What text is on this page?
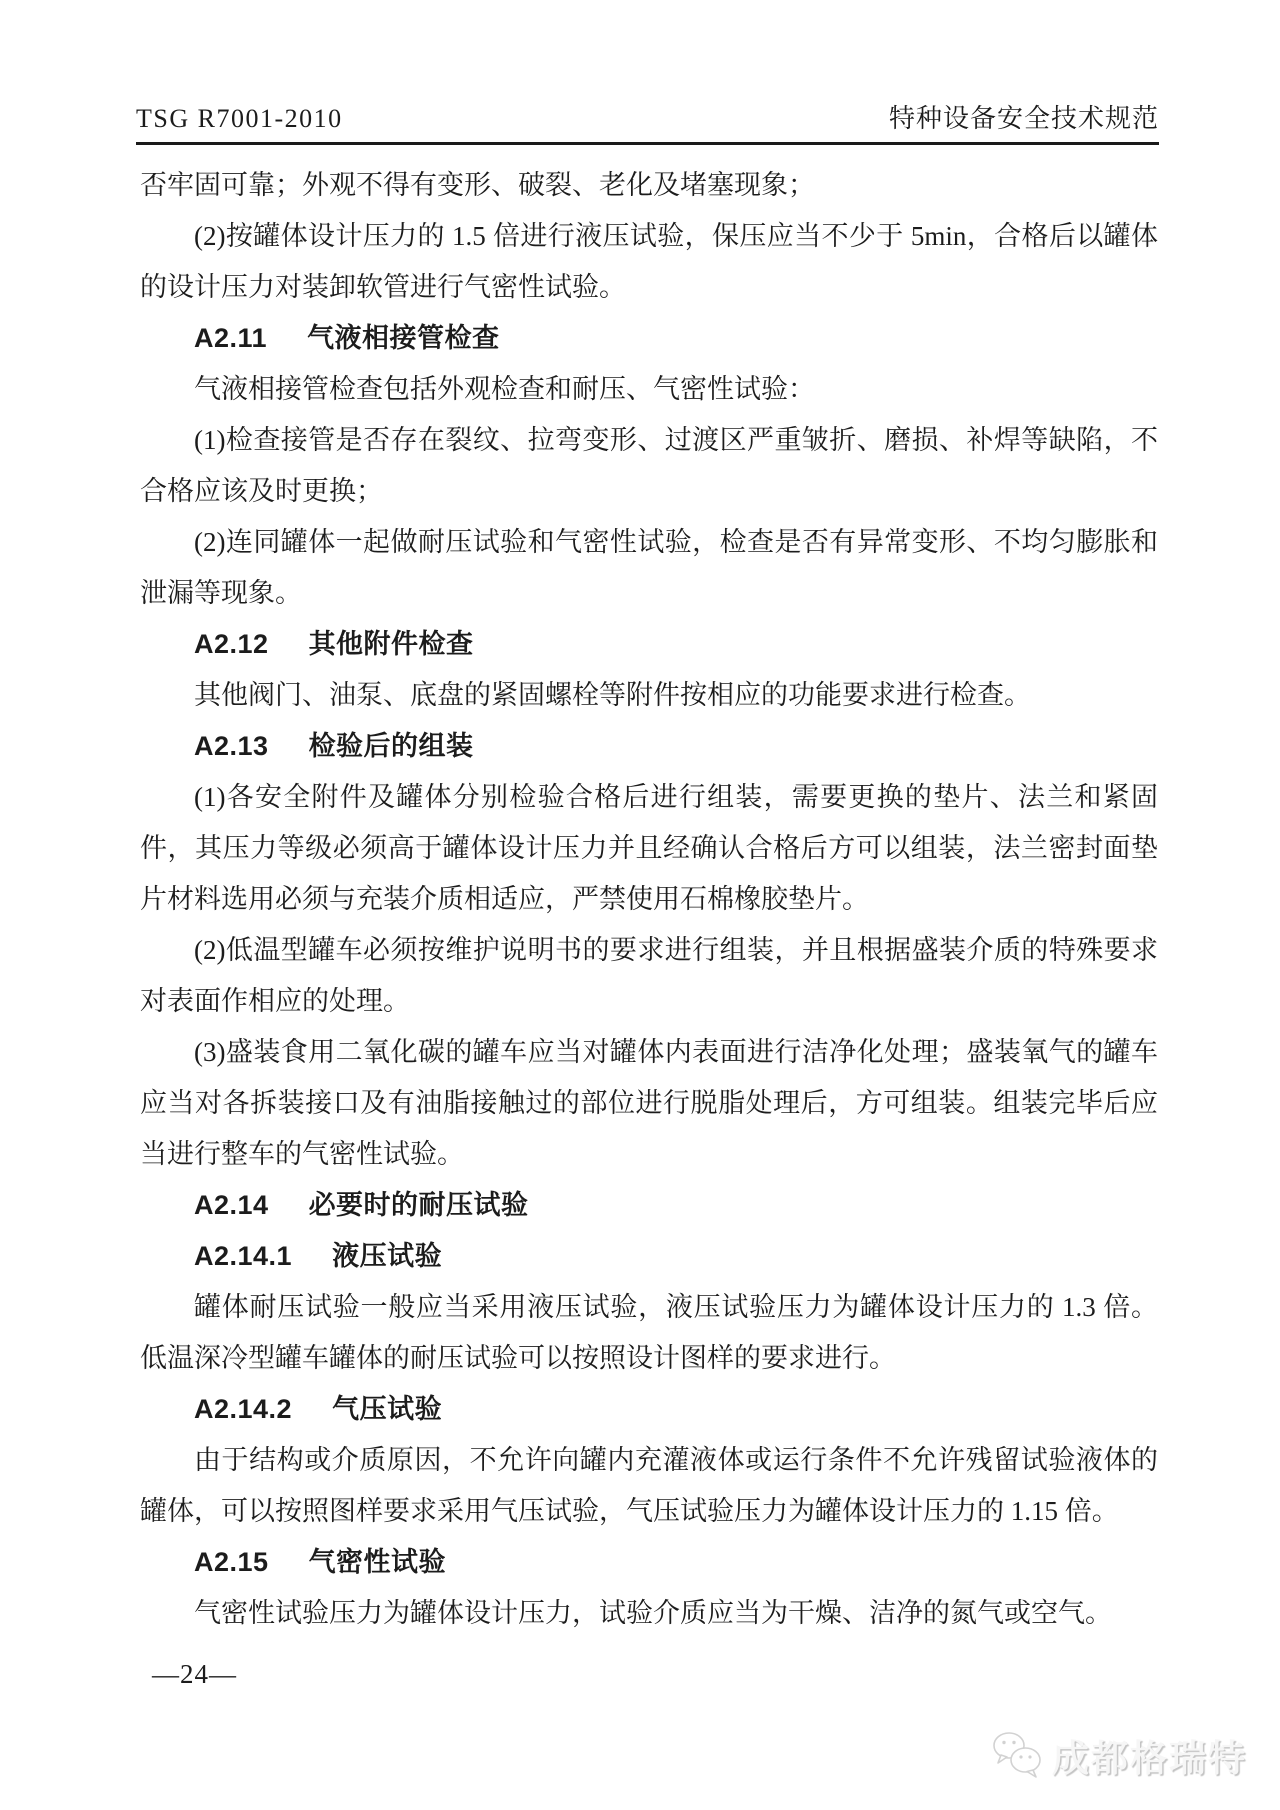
TSG R7001-2010	特种设备安全技术规范

否牢固可靠；外观不得有变形、破裂、老化及堵塞现象；

(2)按罐体设计压力的 1.5 倍进行液压试验，保压应当不少于 5min，合格后以罐体的设计压力对装卸软管进行气密性试验。

A2.11 气液相接管检查

气液相接管检查包括外观检查和耐压、气密性试验：

(1)检查接管是否存在裂纹、拉弯变形、过渡区严重皱折、磨损、补焊等缺陷，不合格应该及时更换；

(2)连同罐体一起做耐压试验和气密性试验，检查是否有异常变形、不均匀膨胀和泄漏等现象。

A2.12 其他附件检查

其他阀门、油泵、底盘的紧固螺栓等附件按相应的功能要求进行检查。

A2.13 检验后的组装

(1)各安全附件及罐体分别检验合格后进行组装，需要更换的垫片、法兰和紧固件，其压力等级必须高于罐体设计压力并且经确认合格后方可以组装，法兰密封面垫片材料选用必须与充装介质相适应，严禁使用石棉橡胶垫片。

(2)低温型罐车必须按维护说明书的要求进行组装，并且根据盛装介质的特殊要求对表面作相应的处理。

(3)盛装食用二氧化碳的罐车应当对罐体内表面进行洁净化处理；盛装氧气的罐车应当对各拆装接口及有油脂接触过的部位进行脱脂处理后，方可组装。组装完毕后应当进行整车的气密性试验。

A2.14 必要时的耐压试验

A2.14.1 液压试验

罐体耐压试验一般应当采用液压试验，液压试验压力为罐体设计压力的 1.3 倍。低温深冷型罐车罐体的耐压试验可以按照设计图样的要求进行。

A2.14.2 气压试验

由于结构或介质原因，不允许向罐内充灌液体或运行条件不允许残留试验液体的罐体，可以按照图样要求采用气压试验，气压试验压力为罐体设计压力的 1.15 倍。

A2.15 气密性试验

气密性试验压力为罐体设计压力，试验介质应当为干燥、洁净的氮气或空气。

—24—
成都格瑞特
